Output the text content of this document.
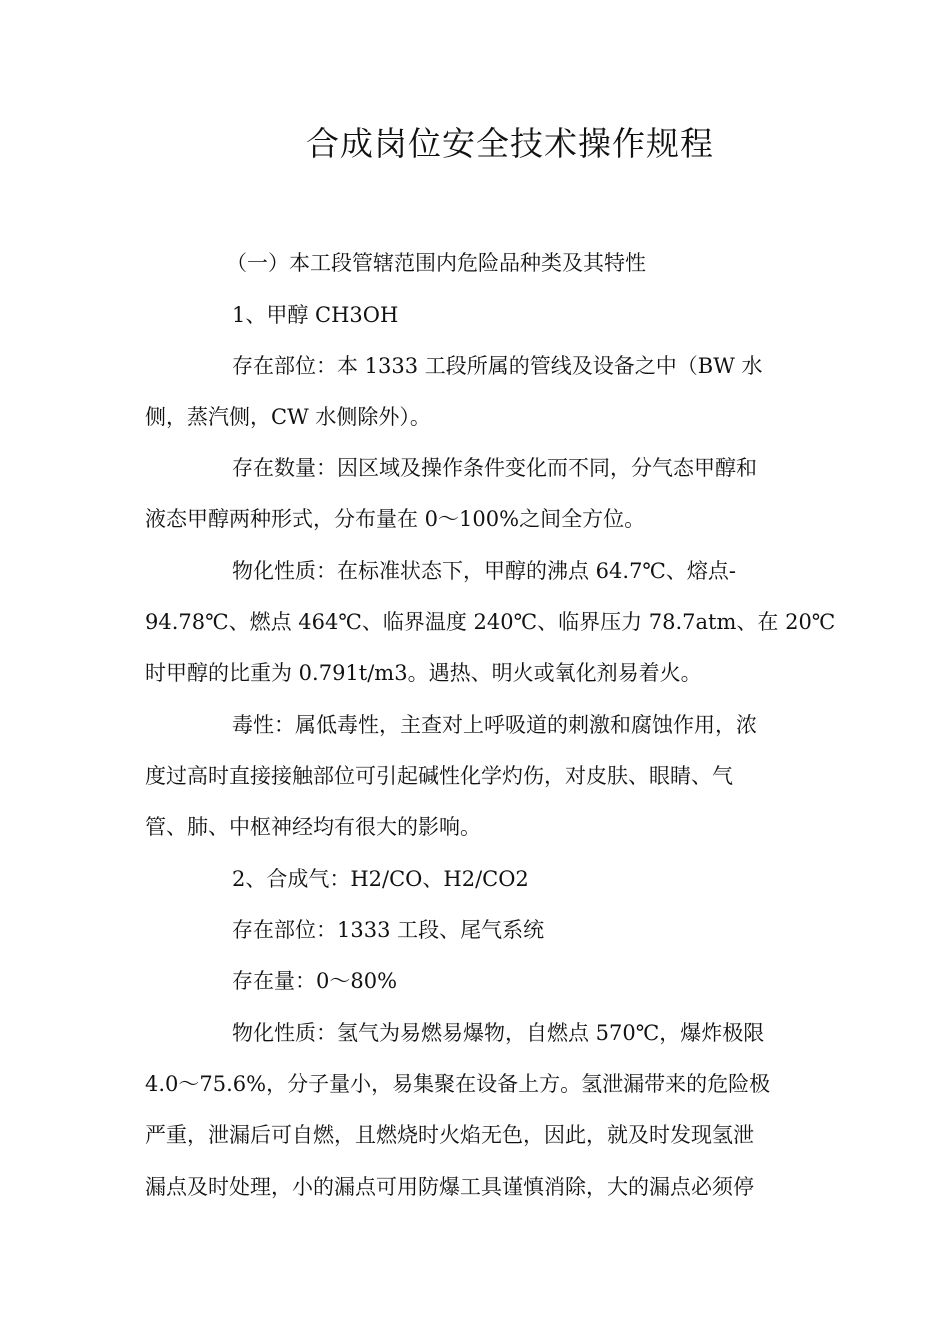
合成岗位安全技术操作规程

（一）本工段管辖范围内危险品种类及其特性

1、甲醇 CH3OH

存在部位：本 1333 工段所属的管线及设备之中（BW 水

侧，蒸汽侧，CW 水侧除外）。

存在数量：因区域及操作条件变化而不同，分气态甲醇和

液态甲醇两种形式，分布量在 0～100%之间全方位。

物化性质：在标准状态下，甲醇的沸点 64.7℃、熔点-

94.78℃、燃点 464℃、临界温度 240℃、临界压力 78.7atm、在 20℃

时甲醇的比重为 0.791t/m3。遇热、明火或氧化剂易着火。

毒性：属低毒性，主查对上呼吸道的刺激和腐蚀作用，浓

度过高时直接接触部位可引起碱性化学灼伤，对皮肤、眼睛、气

管、肺、中枢神经均有很大的影响。

2、合成气：H2/CO、H2/CO2

存在部位：1333 工段、尾气系统

存在量：0～80%

物化性质：氢气为易燃易爆物，自燃点 570℃，爆炸极限

4.0～75.6%，分子量小，易集聚在设备上方。氢泄漏带来的危险极

严重，泄漏后可自燃，且燃烧时火焰无色，因此，就及时发现氢泄

漏点及时处理，小的漏点可用防爆工具谨慎消除，大的漏点必须停
